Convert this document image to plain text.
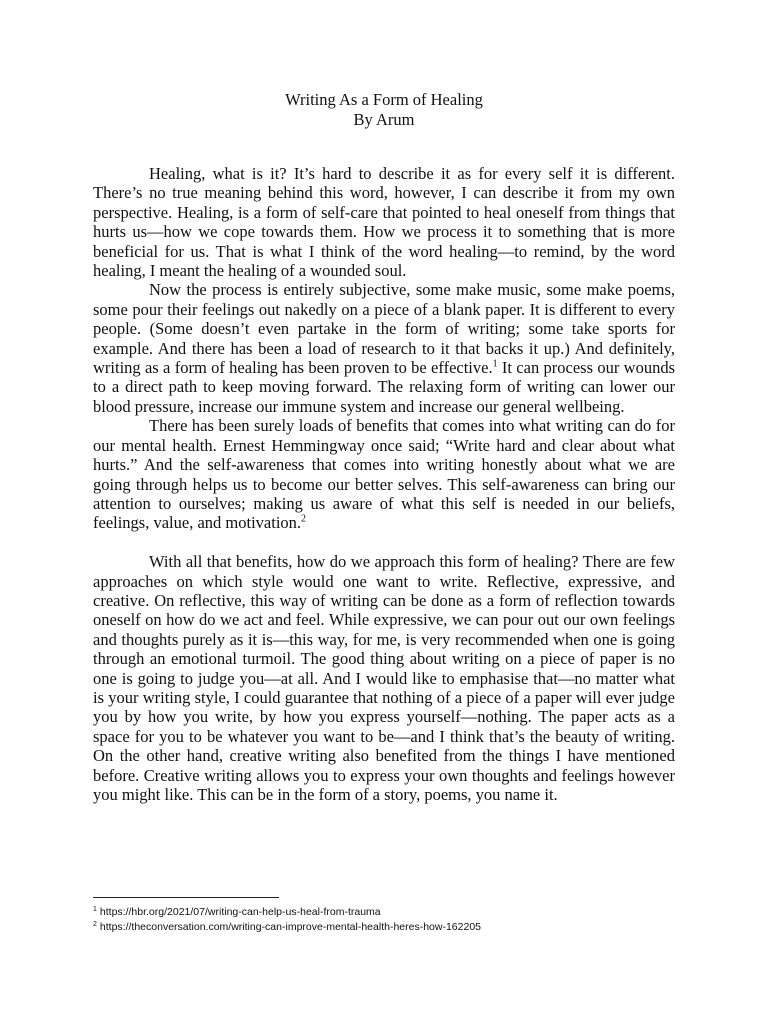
Writing As a Form of Healing
By Arum

Healing, what is it? It’s hard to describe it as for every self it is different. There’s no true meaning behind this word, however, I can describe it from my own perspective. Healing, is a form of self-care that pointed to heal oneself from things that hurts us—how we cope towards them. How we process it to something that is more beneficial for us. That is what I think of the word healing—to remind, by the word healing, I meant the healing of a wounded soul.

Now the process is entirely subjective, some make music, some make poems, some pour their feelings out nakedly on a piece of a blank paper. It is different to every people. (Some doesn’t even partake in the form of writing; some take sports for example. And there has been a load of research to it that backs it up.) And definitely, writing as a form of healing has been proven to be effective.$^1$ It can process our wounds to a direct path to keep moving forward. The relaxing form of writing can lower our blood pressure, increase our immune system and increase our general wellbeing.

There has been surely loads of benefits that comes into what writing can do for our mental health. Ernest Hemmingway once said; “Write hard and clear about what hurts.” And the self-awareness that comes into writing honestly about what we are going through helps us to become our better selves. This self-awareness can bring our attention to ourselves; making us aware of what this self is needed in our beliefs, feelings, value, and motivation.$^2$

With all that benefits, how do we approach this form of healing? There are few approaches on which style would one want to write. Reflective, expressive, and creative. On reflective, this way of writing can be done as a form of reflection towards oneself on how do we act and feel. While expressive, we can pour out our own feelings and thoughts purely as it is—this way, for me, is very recommended when one is going through an emotional turmoil. The good thing about writing on a piece of paper is no one is going to judge you—at all. And I would like to emphasise that—no matter what is your writing style, I could guarantee that nothing of a piece of a paper will ever judge you by how you write, by how you express yourself—nothing. The paper acts as a space for you to be whatever you want to be—and I think that’s the beauty of writing. On the other hand, creative writing also benefited from the things I have mentioned before. Creative writing allows you to express your own thoughts and feelings however you might like. This can be in the form of a story, poems, you name it.

$^1$ https://hbr.org/2021/07/writing-can-help-us-heal-from-trauma
$^2$ https://theconversation.com/writing-can-improve-mental-health-heres-how-162205
